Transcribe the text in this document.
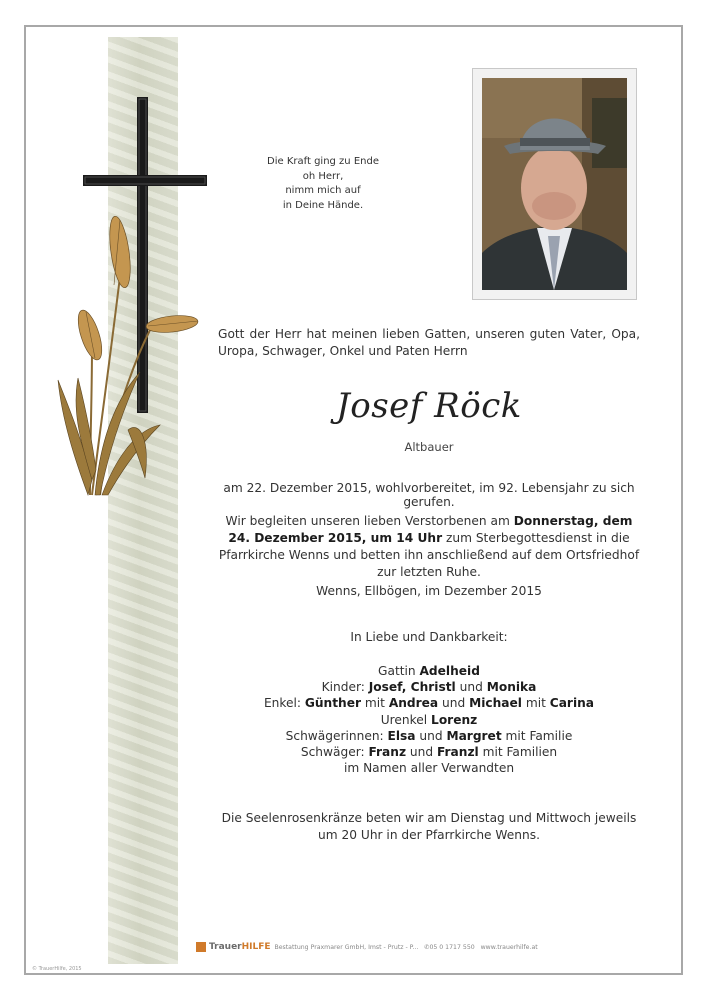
Die Kraft ging zu Ende
oh Herr,
nimm mich auf
in Deine Hände.
Gott der Herr hat meinen lieben Gatten, unseren guten Vater, Opa, Uropa, Schwager, Onkel und Paten Herrn
Josef Röck
Altbauer
am 22. Dezember 2015, wohlvorbereitet, im 92. Lebensjahr zu sich gerufen.
Wir begleiten unseren lieben Verstorbenen am Donnerstag, dem 24. Dezember 2015, um 14 Uhr zum Sterbegottesdienst in die Pfarrkirche Wenns und betten ihn anschließend auf dem Ortsfriedhof zur letzten Ruhe.
Wenns, Ellbögen, im Dezember 2015
In Liebe und Dankbarkeit:
Gattin Adelheid
Kinder: Josef, Christl und Monika
Enkel: Günther mit Andrea und Michael mit Carina
Urenkel Lorenz
Schwägerinnen: Elsa und Margret mit Familie
Schwäger: Franz und Franzl mit Familien
im Namen aller Verwandten
Die Seelenrosenkränze beten wir am Dienstag und Mittwoch jeweils um 20 Uhr in der Pfarrkirche Wenns.
TrauerHILFE Bestattung Praxmarer GmbH, Imst - Prutz - P... ✆05 0 1717 550 www.trauerhilfe.at
© TrauerHilfe, 2015
